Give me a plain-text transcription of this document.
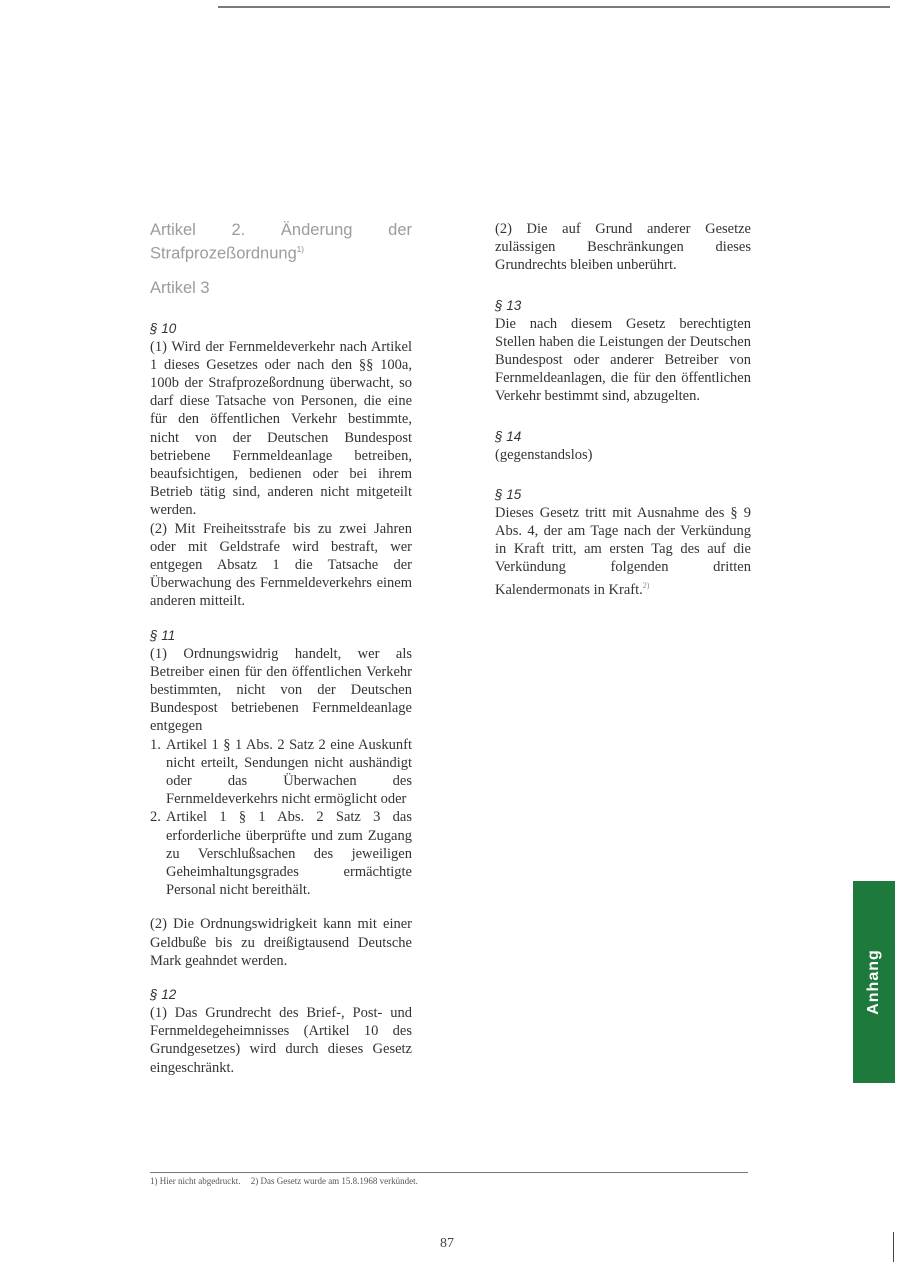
Artikel 2. Änderung der Strafprozeßordnung$^{1)}$

Artikel 3

§ 10

(1) Wird der Fernmeldeverkehr nach Artikel 1 dieses Gesetzes oder nach den §§ 100a, 100b der Strafprozeßordnung überwacht, so darf diese Tatsache von Personen, die eine für den öffentlichen Verkehr bestimmte, nicht von der Deutschen Bundespost betriebene Fernmeldeanlage betreiben, beaufsichtigen, bedienen oder bei ihrem Betrieb tätig sind, anderen nicht mitgeteilt werden.

(2) Mit Freiheitsstrafe bis zu zwei Jahren oder mit Geldstrafe wird bestraft, wer entgegen Absatz 1 die Tatsache der Überwachung des Fernmeldeverkehrs einem anderen mitteilt.

§ 11

(1) Ordnungswidrig handelt, wer als Betreiber einen für den öffentlichen Verkehr bestimmten, nicht von der Deutschen Bundespost betriebenen Fernmeldeanlage entgegen

1. Artikel 1 § 1 Abs. 2 Satz 2 eine Auskunft nicht erteilt, Sendungen nicht aushändigt oder das Überwachen des Fernmeldeverkehrs nicht ermöglicht oder
2. Artikel 1 § 1 Abs. 2 Satz 3 das erforderliche überprüfte und zum Zugang zu Verschlußsachen des jeweiligen Geheimhaltungsgrades ermächtigte Personal nicht bereithält.

(2) Die Ordnungswidrigkeit kann mit einer Geldbuße bis zu dreißigtausend Deutsche Mark geahndet werden.

§ 12

(1) Das Grundrecht des Brief-, Post- und Fernmeldegeheimnisses (Artikel 10 des Grundgesetzes) wird durch dieses Gesetz eingeschränkt.

(2) Die auf Grund anderer Gesetze zulässigen Beschränkungen dieses Grundrechts bleiben unberührt.

§ 13

Die nach diesem Gesetz berechtigten Stellen haben die Leistungen der Deutschen Bundespost oder anderer Betreiber von Fernmeldeanlagen, die für den öffentlichen Verkehr bestimmt sind, abzugelten.

§ 14

(gegenstandslos)

§ 15

Dieses Gesetz tritt mit Ausnahme des § 9 Abs. 4, der am Tage nach der Verkündung in Kraft tritt, am ersten Tag des auf die Verkündung folgenden dritten Kalendermonats in Kraft.$^{2)}$

Anhang
1) Hier nicht abgedruckt. 2) Das Gesetz wurde am 15.8.1968 verkündet.
87
